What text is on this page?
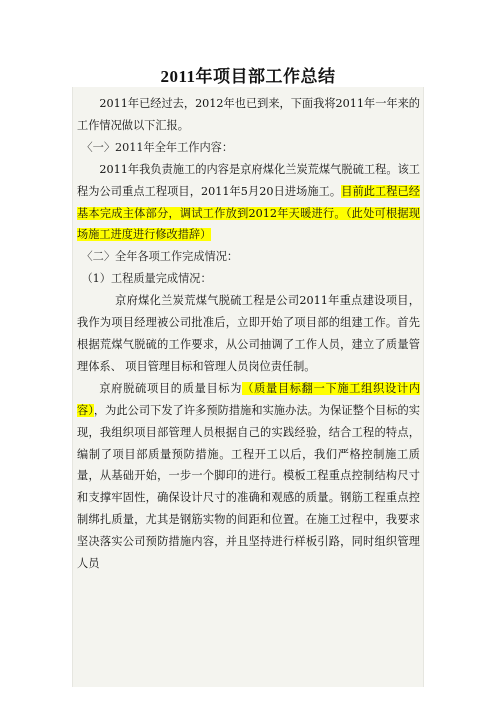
2011年项目部工作总结

2011年已经过去，2012年也已到来，下面我将2011年一年来的工作情况做以下汇报。

〈一〉2011年全年工作内容：

2011年我负责施工的内容是京府煤化兰炭荒煤气脱硫工程。该工程为公司重点工程项目，2011年5月20日进场施工。目前此工程已经基本完成主体部分，调试工作放到2012年天暖进行。（此处可根据现场施工进度进行修改措辞）

〈二〉全年各项工作完成情况：

（1）工程质量完成情况：

京府煤化兰炭荒煤气脱硫工程是公司2011年重点建设项目，我作为项目经理被公司批准后，立即开始了项目部的组建工作。首先根据荒煤气脱硫的工作要求，从公司抽调了工作人员，建立了质量管理体系、 项目管理目标和管理人员岗位责任制。

京府脱硫项目的质量目标为（质量目标翻一下施工组织设计内容），为此公司下发了许多预防措施和实施办法。为保证整个目标的实现，我组织项目部管理人员根据自己的实践经验，结合工程的特点，编制了项目部质量预防措施。工程开工以后，我们严格控制施工质量，从基础开始，一步一个脚印的进行。模板工程重点控制结构尺寸和支撑牢固性，确保设计尺寸的准确和观感的质量。钢筋工程重点控制绑扎质量，尤其是钢筋实物的间距和位置。在施工过程中，我要求坚决落实公司预防措施内容，并且坚持进行样板引路，同时组织管理人员
